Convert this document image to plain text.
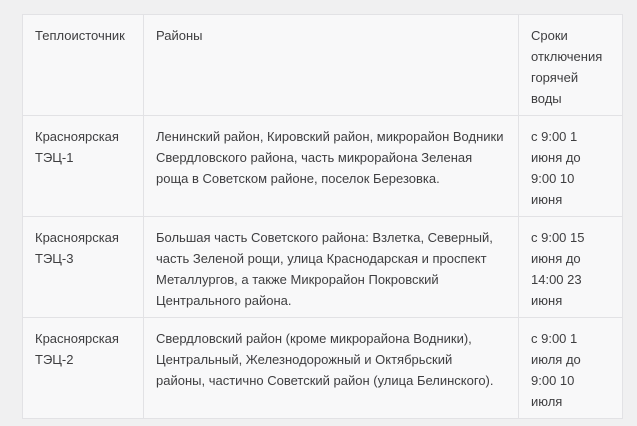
Теплоисточник	Районы	Сроки отключения горячей воды
Красноярская ТЭЦ-1	Ленинский район, Кировский район, микрорайон Водники Свердловского района, часть микрорайона Зеленая роща в Советском районе, поселок Березовка.	с 9:00 1 июня до 9:00 10 июня
Красноярская ТЭЦ-3	Большая часть Советского района: Взлетка, Северный, часть Зеленой рощи, улица Краснодарская и проспект Металлургов, а также Микрорайон Покровский Центрального района.	с 9:00 15 июня до 14:00 23 июня
Красноярская ТЭЦ-2	Свердловский район (кроме микрорайона Водники), Центральный, Железнодорожный и Октябрьский районы, частично Советский район (улица Белинского).	с 9:00 1 июля до 9:00 10 июля
